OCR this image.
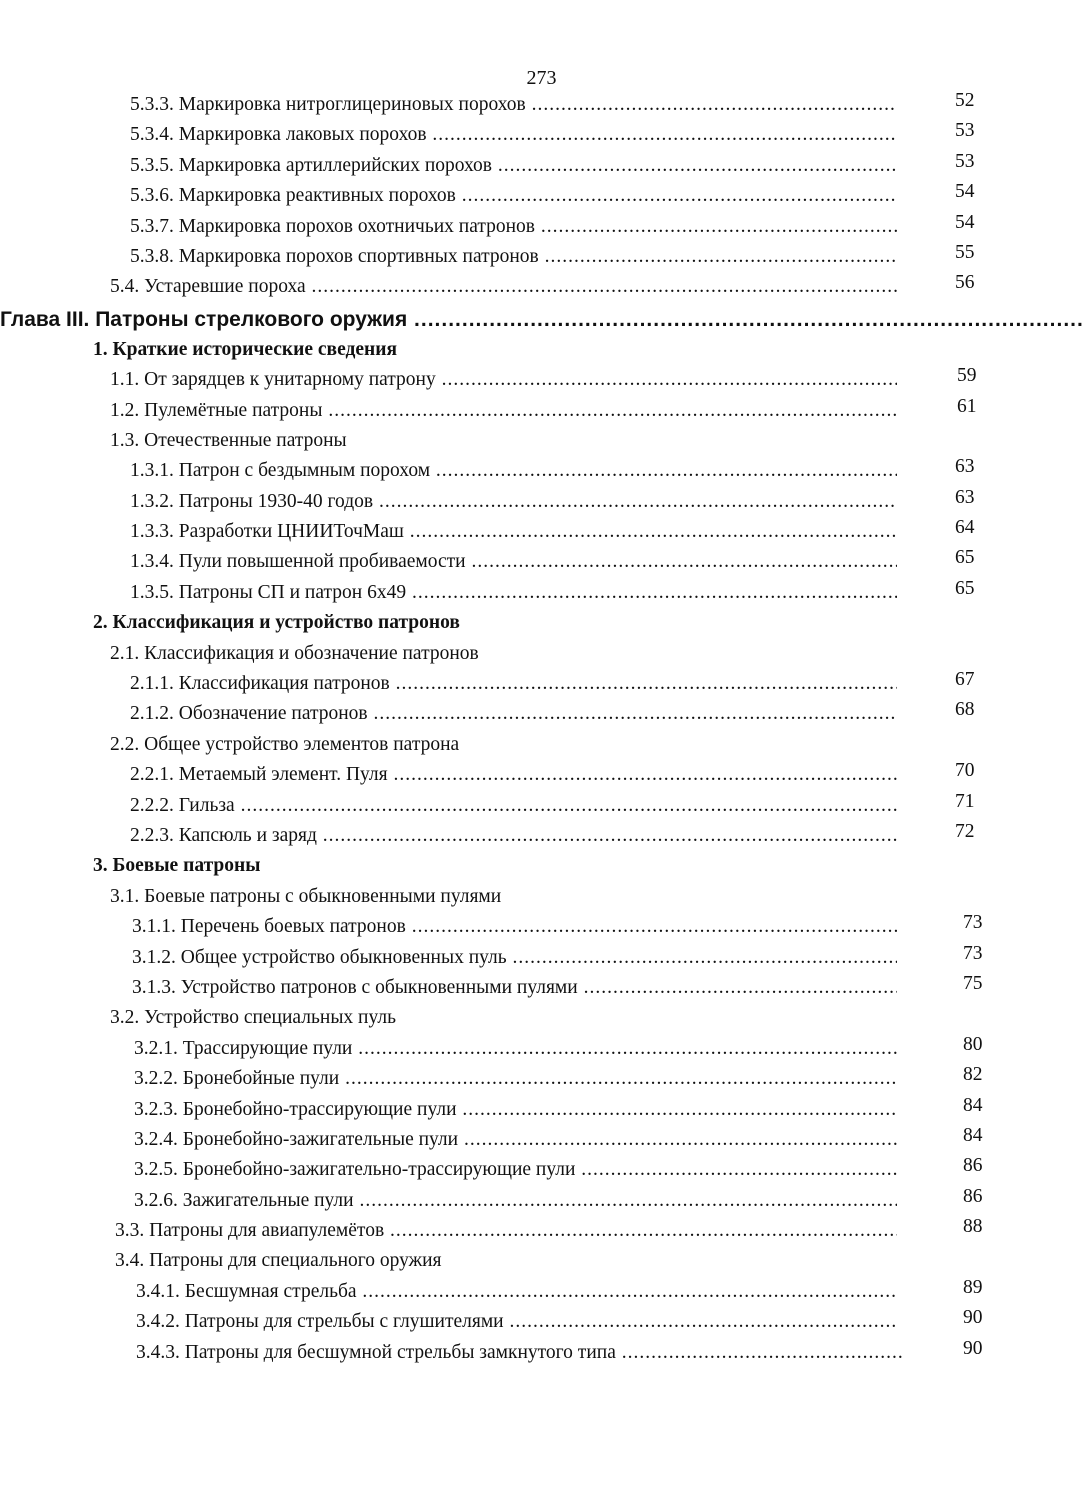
273
5.3.3. Маркировка нитроглицериновых порохов .....	52
5.3.4. Маркировка лаковых порохов .....	53
5.3.5. Маркировка артиллерийских порохов .....	53
5.3.6. Маркировка реактивных порохов .....	54
5.3.7. Маркировка порохов охотничьих патронов .....	54
5.3.8. Маркировка порохов спортивных патронов .....	55
5.4. Устаревшие пороха .....	56
Глава III. Патроны стрелкового оружия .....
1. Краткие исторические сведения
1.1. От зарядцев к унитарному патрону .....	59
1.2. Пулемётные патроны .....	61
1.3. Отечественные патроны
1.3.1. Патрон с бездымным порохом .....	63
1.3.2. Патроны 1930-40 годов .....	63
1.3.3. Разработки ЦНИИТочМаш .....	64
1.3.4. Пули повышенной пробиваемости .....	65
1.3.5. Патроны СП и патрон 6х49 .....	65
2. Классификация и устройство патронов
2.1. Классификация и обозначение патронов
2.1.1. Классификация патронов .....	67
2.1.2. Обозначение патронов .....	68
2.2. Общее устройство элементов патрона
2.2.1. Метаемый элемент. Пуля .....	70
2.2.2. Гильза .....	71
2.2.3. Капсюль и заряд .....	72
3. Боевые патроны
3.1. Боевые патроны с обыкновенными пулями
3.1.1. Перечень боевых патронов .....	73
3.1.2. Общее устройство обыкновенных пуль .....	73
3.1.3. Устройство патронов с обыкновенными пулями .....	75
3.2. Устройство специальных пуль
3.2.1. Трассирующие пули .....	80
3.2.2. Бронебойные пули .....	82
3.2.3. Бронебойно-трассирующие пули .....	84
3.2.4. Бронебойно-зажигательные пули .....	84
3.2.5. Бронебойно-зажигательно-трассирующие пули .....	86
3.2.6. Зажигательные пули .....	86
3.3. Патроны для авиапулемётов .....	88
3.4. Патроны для специального оружия
3.4.1. Бесшумная стрельба .....	89
3.4.2. Патроны для стрельбы с глушителями .....	90
3.4.3. Патроны для бесшумной стрельбы замкнутого типа .....	90
